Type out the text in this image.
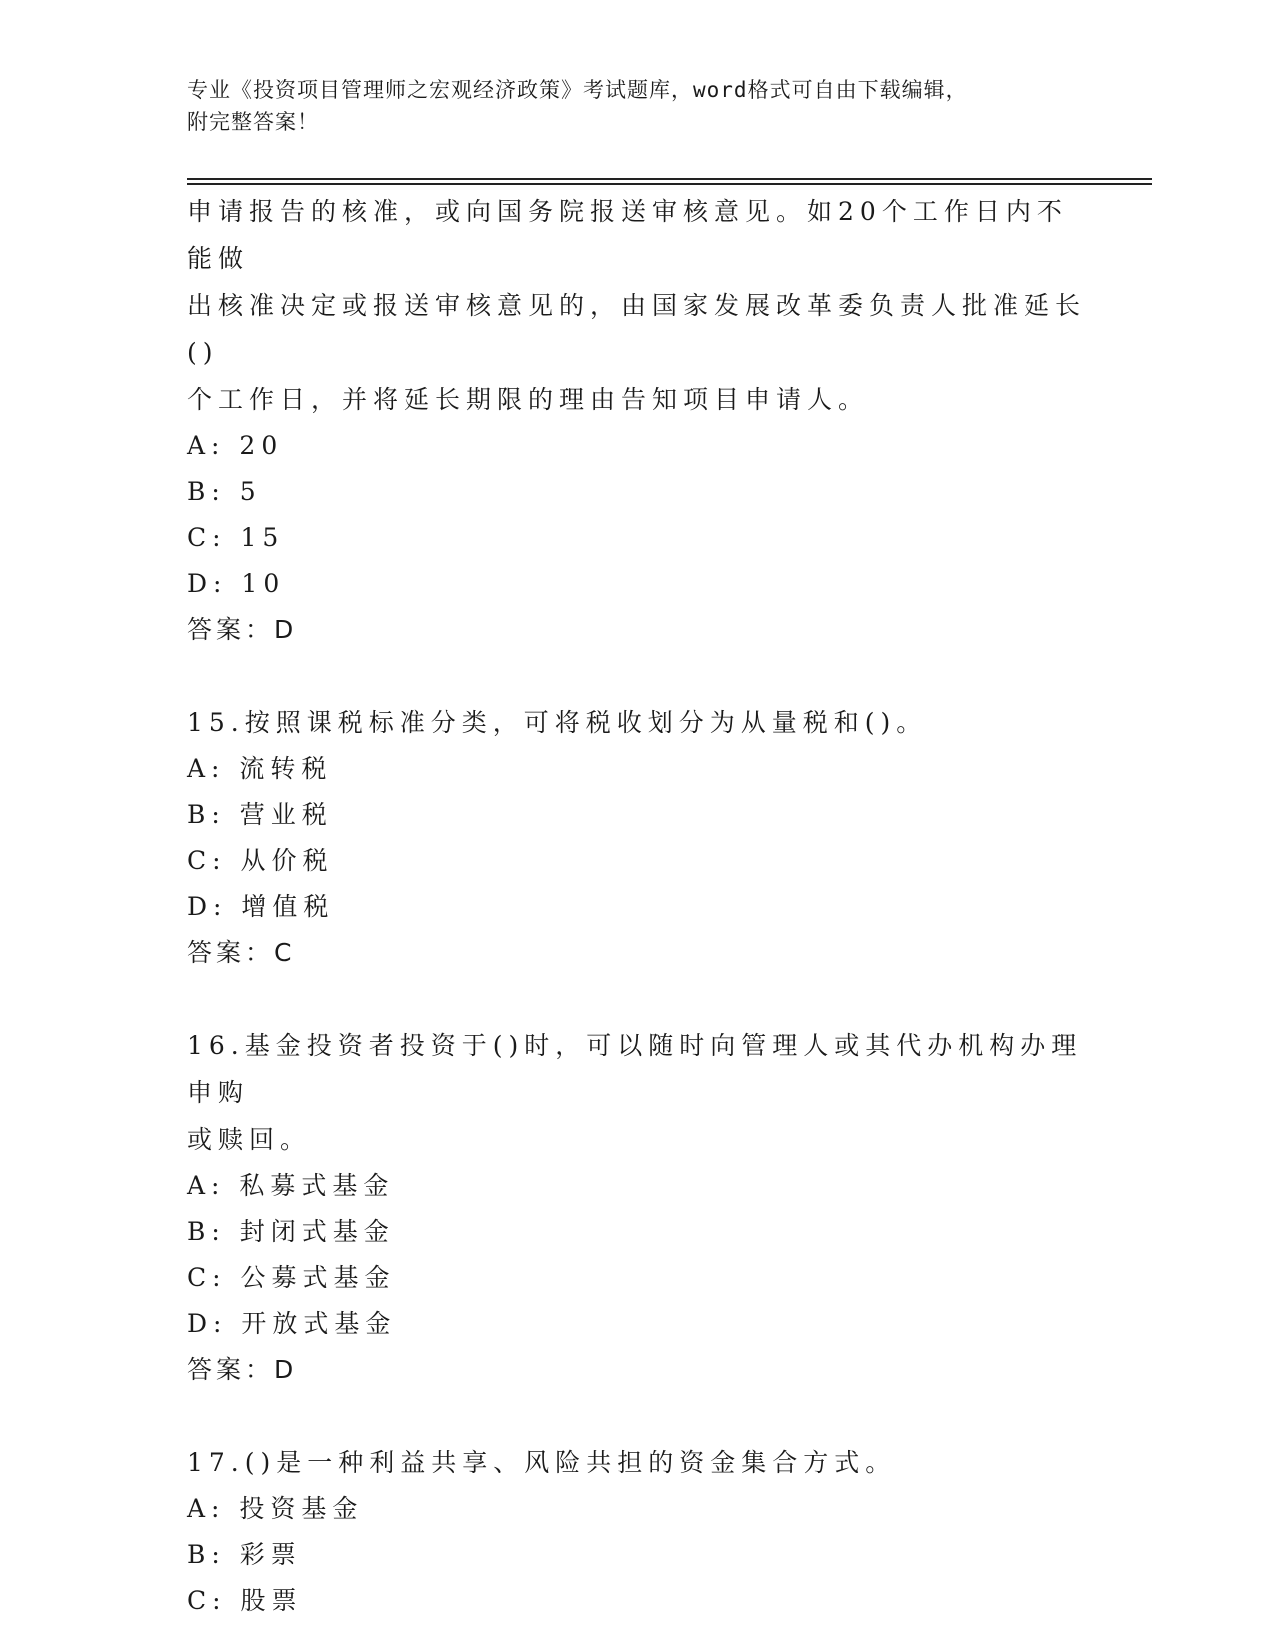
专业《投资项目管理师之宏观经济政策》考试题库，word格式可自由下载编辑，
附完整答案！

申请报告的核准，或向国务院报送审核意见。如20个工作日内不能做

出核准决定或报送审核意见的，由国家发展改革委负责人批准延长()

个工作日，并将延长期限的理由告知项目申请人。

A: 20

B: 5

C: 15

D: 10

答案：D

15.按照课税标准分类，可将税收划分为从量税和()。

A: 流转税

B: 营业税

C: 从价税

D: 增值税

答案：C

16.基金投资者投资于()时，可以随时向管理人或其代办机构办理申购

或赎回。

A: 私募式基金

B: 封闭式基金

C: 公募式基金

D: 开放式基金

答案：D

17.()是一种利益共享、风险共担的资金集合方式。

A: 投资基金

B: 彩票

C: 股票
